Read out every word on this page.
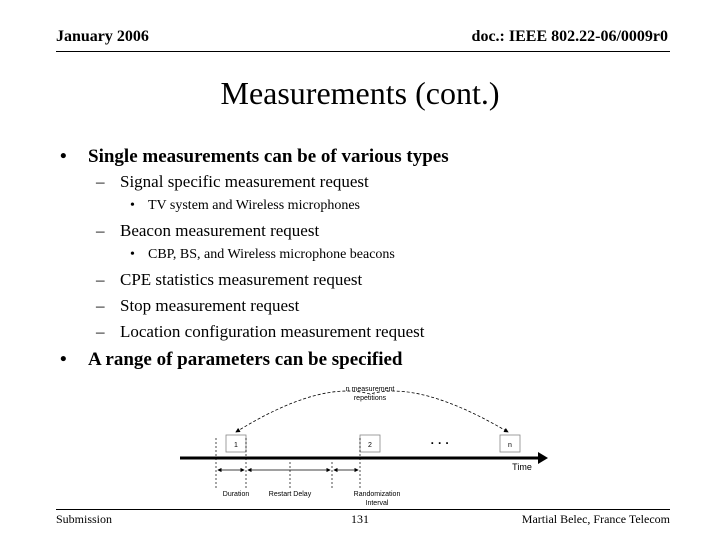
January 2006	doc.: IEEE 802.22-06/0009r0
Measurements (cont.)
• Single measurements can be of various types
– Signal specific measurement request
• TV system and Wireless microphones
– Beacon measurement request
• CBP, BS, and Wireless microphone beacons
– CPE statistics measurement request
– Stop measurement request
– Location configuration measurement request
• A range of parameters can be specified
n measurement
repetitions
1	2	· · ·	n
Time
Duration	Restart Delay	Randomization
Interval
Submission	131	Martial Belec, France Telecom
